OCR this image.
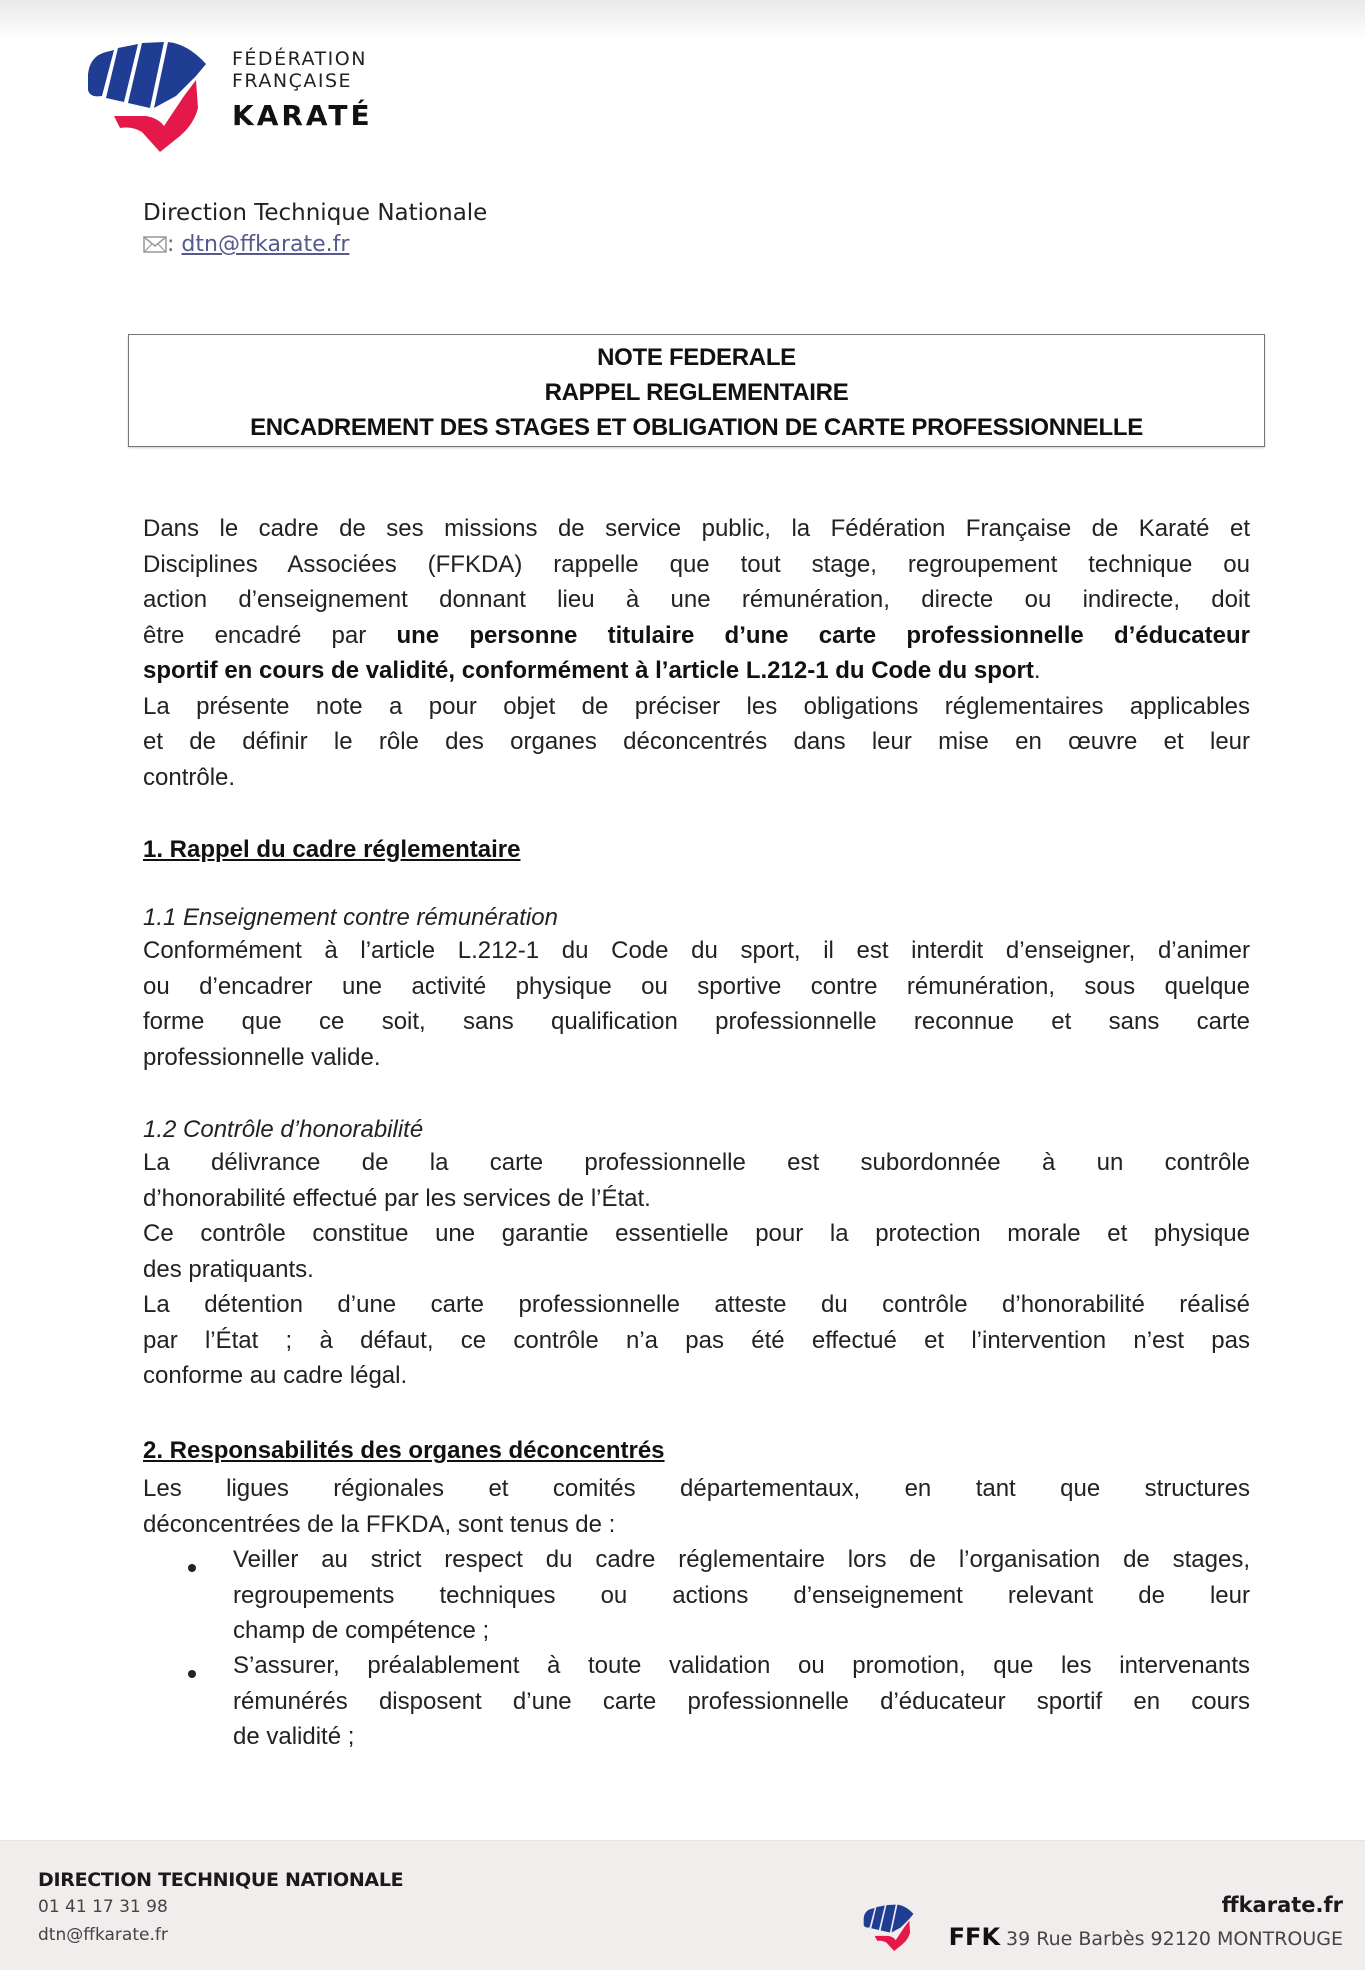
FÉDÉRATION
FRANÇAISE
KARATÉ
Direction Technique Nationale
: dtn@ffkarate.fr
NOTE FEDERALE
RAPPEL REGLEMENTAIRE
ENCADREMENT DES STAGES ET OBLIGATION DE CARTE PROFESSIONNELLE
Dans le cadre de ses missions de service public, la Fédération Française de Karaté et
Disciplines Associées (FFKDA) rappelle que tout stage, regroupement technique ou
action d’enseignement donnant lieu à une rémunération, directe ou indirecte, doit
être encadré par une personne titulaire d’une carte professionnelle d’éducateur
sportif en cours de validité, conformément à l’article L.212-1 du Code du sport.
La présente note a pour objet de préciser les obligations réglementaires applicables
et de définir le rôle des organes déconcentrés dans leur mise en œuvre et leur
contrôle.
1. Rappel du cadre réglementaire
1.1 Enseignement contre rémunération
Conformément à l’article L.212-1 du Code du sport, il est interdit d’enseigner, d’animer
ou d’encadrer une activité physique ou sportive contre rémunération, sous quelque
forme que ce soit, sans qualification professionnelle reconnue et sans carte
professionnelle valide.
1.2 Contrôle d’honorabilité
La délivrance de la carte professionnelle est subordonnée à un contrôle
d’honorabilité effectué par les services de l’État.
Ce contrôle constitue une garantie essentielle pour la protection morale et physique
des pratiquants.
La détention d’une carte professionnelle atteste du contrôle d’honorabilité réalisé
par l’État ; à défaut, ce contrôle n’a pas été effectué et l’intervention n’est pas
conforme au cadre légal.
2. Responsabilités des organes déconcentrés
Les ligues régionales et comités départementaux, en tant que structures
déconcentrées de la FFKDA, sont tenus de :
Veiller au strict respect du cadre réglementaire lors de l’organisation de stages,
regroupements techniques ou actions d’enseignement relevant de leur
champ de compétence ;
S’assurer, préalablement à toute validation ou promotion, que les intervenants
rémunérés disposent d’une carte professionnelle d’éducateur sportif en cours
de validité ;
DIRECTION TECHNIQUE NATIONALE
01 41 17 31 98
dtn@ffkarate.fr
ffkarate.fr
FFK 39 Rue Barbès 92120 MONTROUGE
